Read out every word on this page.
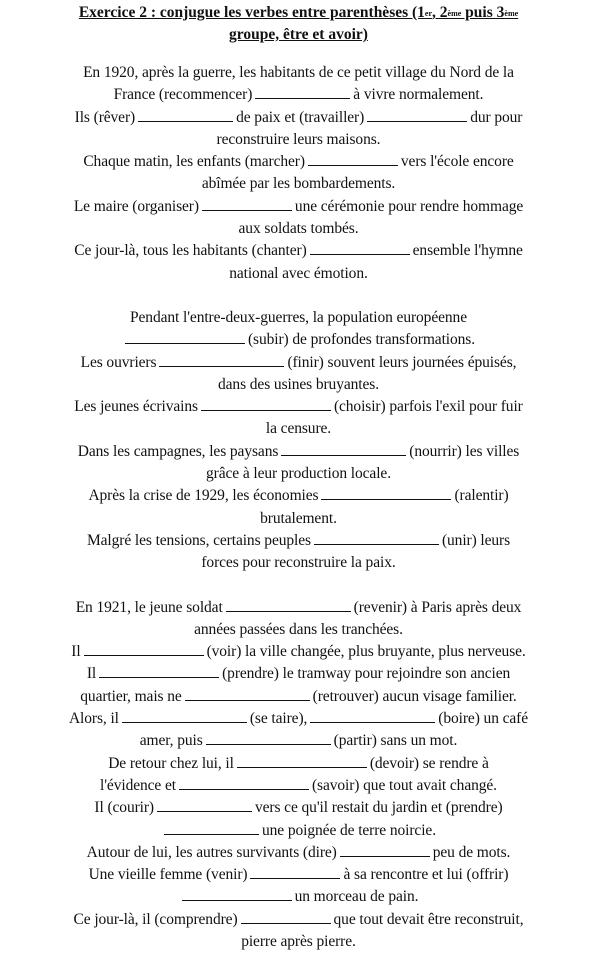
Exercice 2 : conjugue les verbes entre parenthèses (1er, 2ème puis 3ème
groupe, être et avoir)
En 1920, après la guerre, les habitants de ce petit village du Nord de la
France (recommencer)	à vivre normalement.
Ils (rêver)	de paix et (travailler)	dur pour
reconstruire leurs maisons.
Chaque matin, les enfants (marcher)	vers l'école encore
abîmée par les bombardements.
Le maire (organiser)	une cérémonie pour rendre hommage
aux soldats tombés.
Ce jour-là, tous les habitants (chanter)	ensemble l'hymne
national avec émotion.
Pendant l'entre-deux-guerres, la population européenne
(subir) de profondes transformations.
Les ouvriers	(finir) souvent leurs journées épuisés,
dans des usines bruyantes.
Les jeunes écrivains	(choisir) parfois l'exil pour fuir
la censure.
Dans les campagnes, les paysans	(nourrir) les villes
grâce à leur production locale.
Après la crise de 1929, les économies	(ralentir)
brutalement.
Malgré les tensions, certains peuples	(unir) leurs
forces pour reconstruire la paix.
En 1921, le jeune soldat	(revenir) à Paris après deux
années passées dans les tranchées.
Il	(voir) la ville changée, plus bruyante, plus nerveuse.
Il	(prendre) le tramway pour rejoindre son ancien
quartier, mais ne	(retrouver) aucun visage familier.
Alors, il	(se taire),	(boire) un café
amer, puis	(partir) sans un mot.
De retour chez lui, il	(devoir) se rendre à
l'évidence et	(savoir) que tout avait changé.
Il (courir)	vers ce qu'il restait du jardin et (prendre)
une poignée de terre noircie.
Autour de lui, les autres survivants (dire)	peu de mots.
Une vieille femme (venir)	à sa rencontre et lui (offrir)
un morceau de pain.
Ce jour-là, il (comprendre)	que tout devait être reconstruit,
pierre après pierre.
